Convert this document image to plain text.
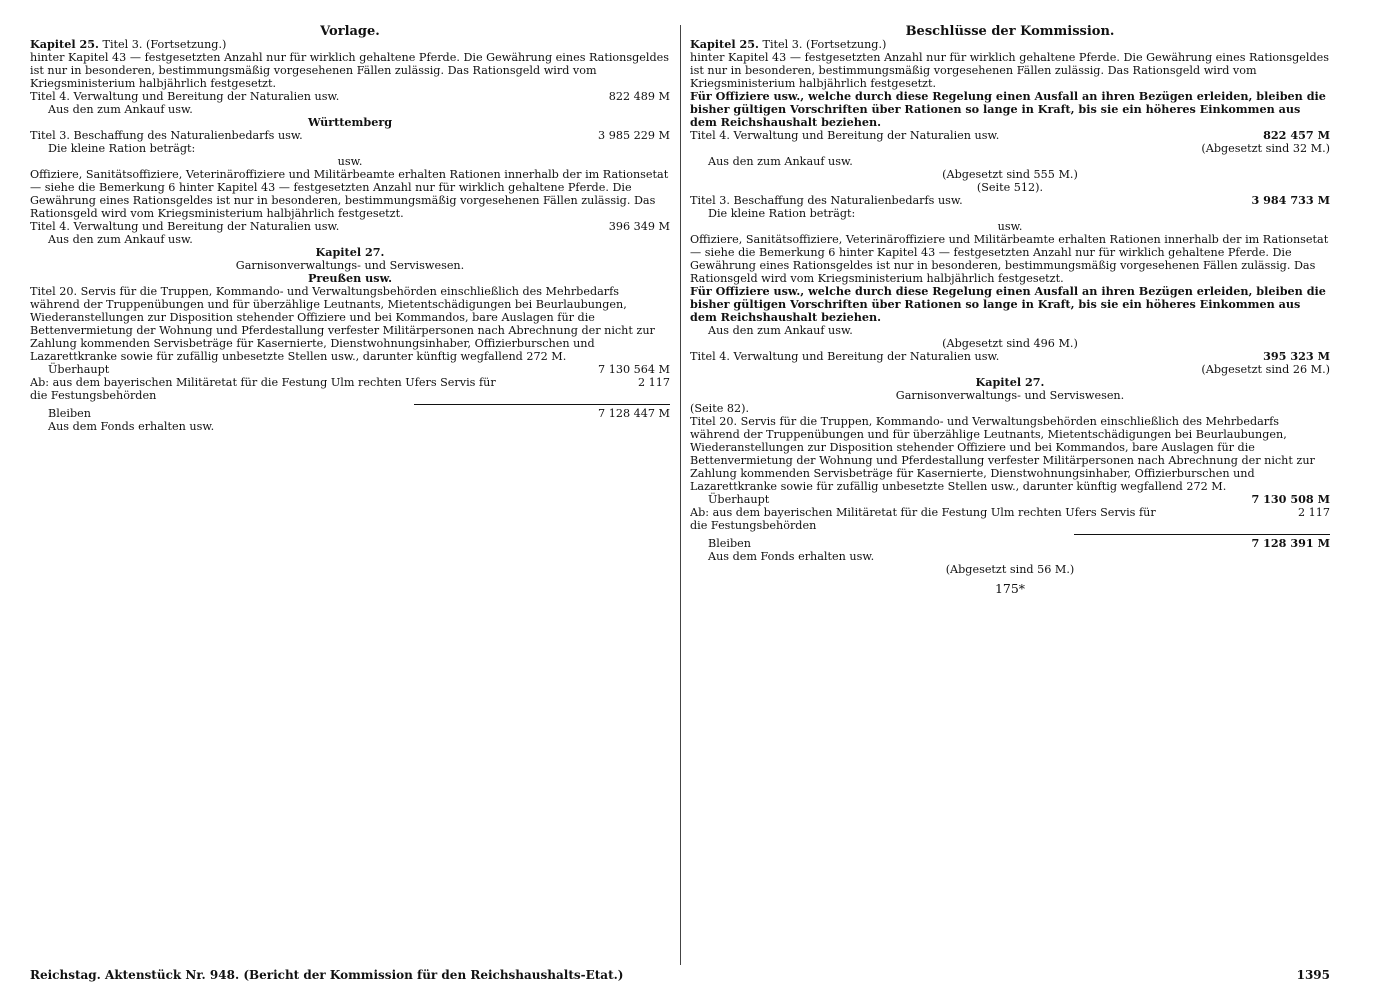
Vorlage.

Kapitel 25. Titel 3. (Fortsetzung.)

hinter Kapitel 43 — festgesetzten Anzahl nur für wirklich gehaltene Pferde. Die Gewährung eines Rationsgeldes ist nur in besonderen, bestimmungsmäßig vorgesehenen Fällen zulässig. Das Rationsgeld wird vom Kriegsministerium halbjährlich festgesetzt.

Titel 4. Verwaltung und Bereitung der Naturalien usw.	822 489 M

Aus den zum Ankauf usw.

Württemberg

Titel 3. Beschaffung des Naturalienbedarfs usw.	3 985 229 M

Die kleine Ration beträgt:

usw.

Offiziere, Sanitätsoffiziere, Veterinäroffiziere und Militärbeamte erhalten Rationen innerhalb der im Rationsetat — siehe die Bemerkung 6 hinter Kapitel 43 — festgesetzten Anzahl nur für wirklich gehaltene Pferde. Die Gewährung eines Rationsgeldes ist nur in besonderen, bestimmungsmäßig vorgesehenen Fällen zulässig. Das Rationsgeld wird vom Kriegsministerium halbjährlich festgesetzt.

Titel 4. Verwaltung und Bereitung der Naturalien usw.	396 349 M

Aus den zum Ankauf usw.

Kapitel 27.

Garnisonverwaltungs- und Serviswesen.

Preußen usw.

Titel 20. Servis für die Truppen, Kommando- und Verwaltungsbehörden einschließlich des Mehrbedarfs während der Truppenübungen und für überzählige Leutnants, Mietentschädigungen bei Beurlaubungen, Wiederanstellungen zur Disposition stehender Offiziere und bei Kommandos, bare Auslagen für die Bettenvermietung der Wohnung und Pferdestallung verfester Militärpersonen nach Abrechnung der nicht zur Zahlung kommenden Servisbeträge für Kasernierte, Dienstwohnungsinhaber, Offizierburschen und Lazarettkranke sowie für zufällig unbesetzte Stellen usw., darunter künftig wegfallend 272 M.

Überhaupt	7 130 564 M

Ab: aus dem bayerischen Militäretat für die Festung Ulm rechten Ufers Servis für die Festungsbehörden
2 117

Bleiben	7 128 447 M

Aus dem Fonds erhalten usw.

Beschlüsse der Kommission.

Kapitel 25. Titel 3. (Fortsetzung.)

hinter Kapitel 43 — festgesetzten Anzahl nur für wirklich gehaltene Pferde. Die Gewährung eines Rationsgeldes ist nur in besonderen, bestimmungsmäßig vorgesehenen Fällen zulässig. Das Rationsgeld wird vom Kriegsministerium halbjährlich festgesetzt.

Für Offiziere usw., welche durch diese Regelung einen Ausfall an ihren Bezügen erleiden, bleiben die bisher gültigen Vorschriften über Rationen so lange in Kraft, bis sie ein höheres Einkommen aus dem Reichshaushalt beziehen.

Titel 4. Verwaltung und Bereitung der Naturalien usw.	822 457 M

(Abgesetzt sind 32 M.)

Aus den zum Ankauf usw.

(Abgesetzt sind 555 M.)

(Seite 512).

Titel 3. Beschaffung des Naturalienbedarfs usw.	3 984 733 M

Die kleine Ration beträgt:

usw.

Offiziere, Sanitätsoffiziere, Veterinäroffiziere und Militärbeamte erhalten Rationen innerhalb der im Rationsetat — siehe die Bemerkung 6 hinter Kapitel 43 — festgesetzten Anzahl nur für wirklich gehaltene Pferde. Die Gewährung eines Rationsgeldes ist nur in besonderen, bestimmungsmäßig vorgesehenen Fällen zulässig. Das Rationsgeld wird vom Kriegsministerium halbjährlich festgesetzt.

Für Offiziere usw., welche durch diese Regelung einen Ausfall an ihren Bezügen erleiden, bleiben die bisher gültigen Vorschriften über Rationen so lange in Kraft, bis sie ein höheres Einkommen aus dem Reichshaushalt beziehen.

Aus den zum Ankauf usw.

(Abgesetzt sind 496 M.)

Titel 4. Verwaltung und Bereitung der Naturalien usw.	395 323 M

(Abgesetzt sind 26 M.)

Kapitel 27.

Garnisonverwaltungs- und Serviswesen.

(Seite 82).

Titel 20. Servis für die Truppen, Kommando- und Verwaltungsbehörden einschließlich des Mehrbedarfs während der Truppenübungen und für überzählige Leutnants, Mietentschädigungen bei Beurlaubungen, Wiederanstellungen zur Disposition stehender Offiziere und bei Kommandos, bare Auslagen für die Bettenvermietung der Wohnung und Pferdestallung verfester Militärpersonen nach Abrechnung der nicht zur Zahlung kommenden Servisbeträge für Kasernierte, Dienstwohnungsinhaber, Offizierburschen und Lazarettkranke sowie für zufällig unbesetzte Stellen usw., darunter künftig wegfallend 272 M.

Überhaupt	7 130 508 M

Ab: aus dem bayerischen Militäretat für die Festung Ulm rechten Ufers Servis für die Festungsbehörden
2 117

Bleiben	7 128 391 M

Aus dem Fonds erhalten usw.

(Abgesetzt sind 56 M.)

175*

Reichstag. Aktenstück Nr. 948. (Bericht der Kommission für den Reichshaushalts-Etat.)	1395
